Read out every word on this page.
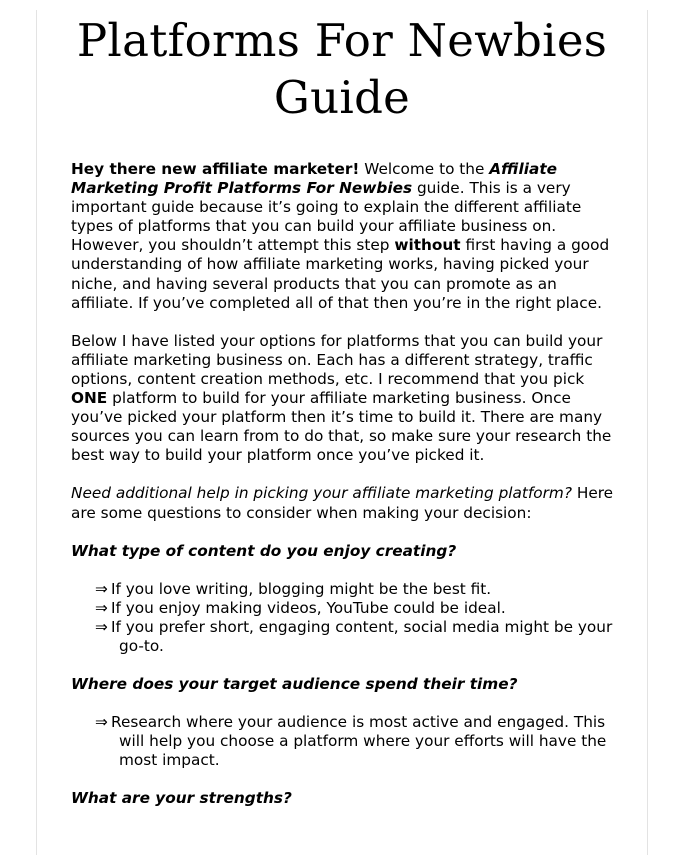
Platforms For Newbies
Guide

Hey there new affiliate marketer! Welcome to the Affiliate Marketing Profit Platforms For Newbies guide. This is a very important guide because it’s going to explain the different affiliate types of platforms that you can build your affiliate business on. However, you shouldn’t attempt this step without first having a good understanding of how affiliate marketing works, having picked your niche, and having several products that you can promote as an affiliate. If you’ve completed all of that then you’re in the right place.

Below I have listed your options for platforms that you can build your affiliate marketing business on. Each has a different strategy, traffic options, content creation methods, etc. I recommend that you pick ONE platform to build for your affiliate marketing business. Once you’ve picked your platform then it’s time to build it. There are many sources you can learn from to do that, so make sure your research the best way to build your platform once you’ve picked it.

Need additional help in picking your affiliate marketing platform? Here are some questions to consider when making your decision:

What type of content do you enjoy creating?

⇒ If you love writing, blogging might be the best fit.
⇒ If you enjoy making videos, YouTube could be ideal.
⇒ If you prefer short, engaging content, social media might be your go-to.

Where does your target audience spend their time?

⇒ Research where your audience is most active and engaged. This will help you choose a platform where your efforts will have the most impact.

What are your strengths?
